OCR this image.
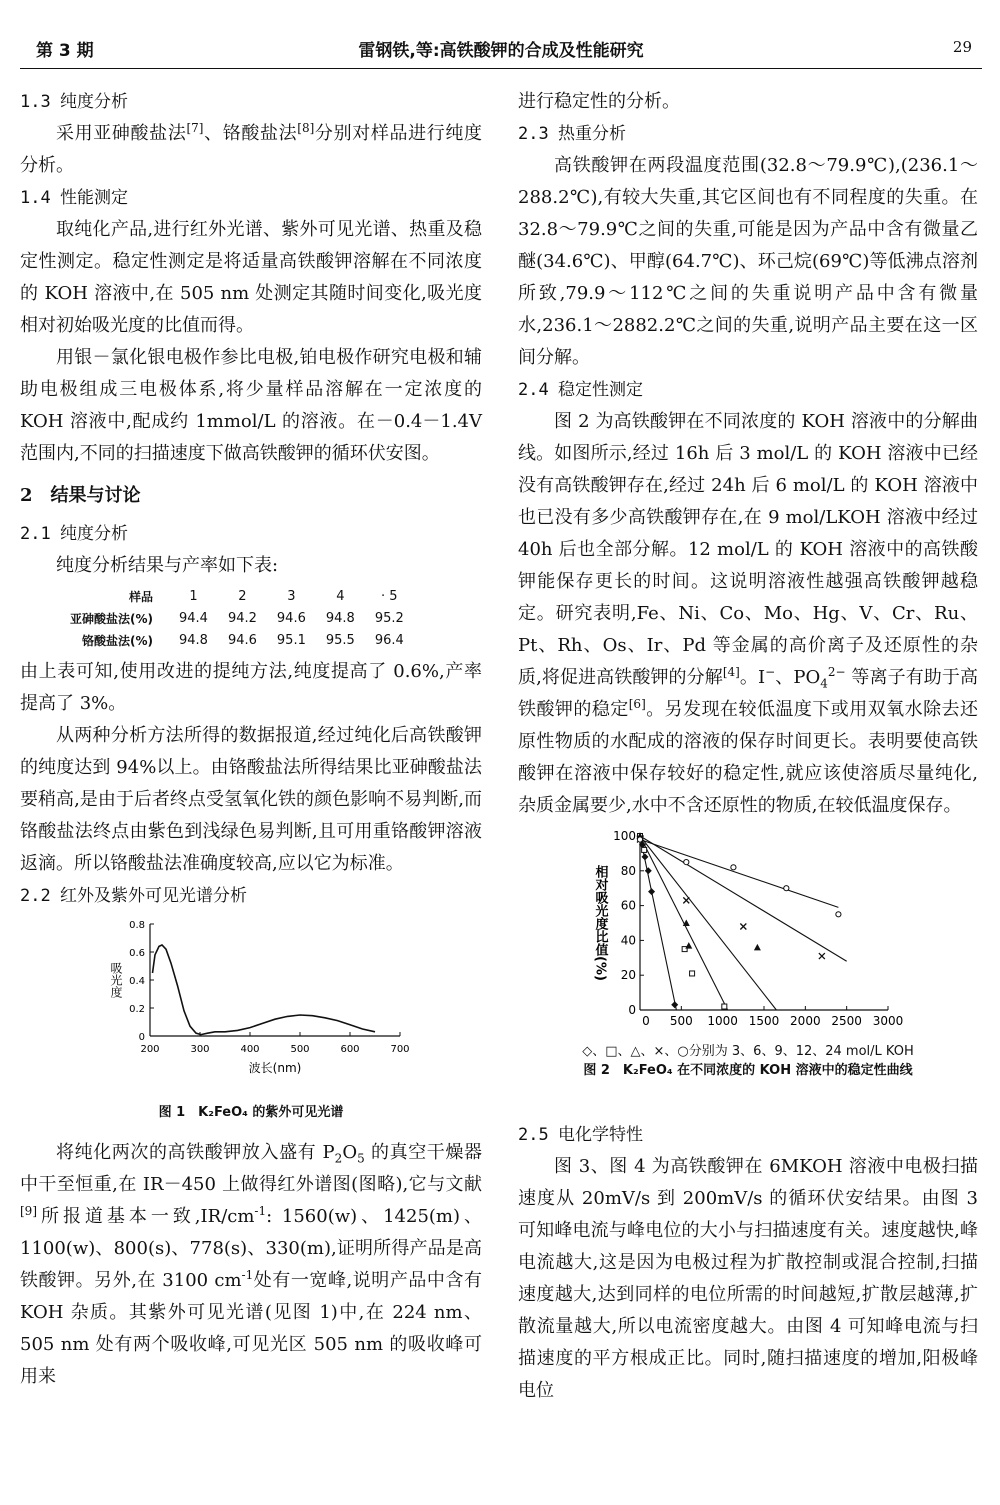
第 3 期	雷钢铁,等:高铁酸钾的合成及性能研究	29

1.3 纯度分析

采用亚砷酸盐法[7]、铬酸盐法[8]分别对样品进行纯度分析。

1.4 性能测定

取纯化产品,进行红外光谱、紫外可见光谱、热重及稳定性测定。稳定性测定是将适量高铁酸钾溶解在不同浓度的 KOH 溶液中,在 505 nm 处测定其随时间变化,吸光度相对初始吸光度的比值而得。

用银－氯化银电极作参比电极,铂电极作研究电极和辅助电极组成三电极体系,将少量样品溶解在一定浓度的 KOH 溶液中,配成约 1mmol/L 的溶液。在－0.4－1.4V 范围内,不同的扫描速度下做高铁酸钾的循环伏安图。

2　结果与讨论

2.1 纯度分析

纯度分析结果与产率如下表:

样品	1	2	3	4	· 5
亚砷酸盐法(%)	94.4	94.2	94.6	94.8	95.2
铬酸盐法(%)	94.8	94.6	95.1	95.5	96.4

由上表可知,使用改进的提纯方法,纯度提高了 0.6%,产率提高了 3%。

从两种分析方法所得的数据报道,经过纯化后高铁酸钾的纯度达到 94%以上。由铬酸盐法所得结果比亚砷酸盐法要稍高,是由于后者终点受氢氧化铁的颜色影响不易判断,而铬酸盐法终点由紫色到浅绿色易判断,且可用重铬酸钾溶液返滴。所以铬酸盐法准确度较高,应以它为标准。

2.2 红外及紫外可见光谱分析

0
0.2
0.4
0.6
0.8
200	300	400	500	600	700
波长(nm)
吸光度
图 1　K₂FeO₄ 的紫外可见光谱

将纯化两次的高铁酸钾放入盛有 $P_2O_5$ 的真空干燥器中干至恒重,在 IR－450 上做得红外谱图(图略),它与文献[9]所报道基本一致$,IR/cm^{-1}$: 1560(w)、1425(m)、1100(w)、800(s)、778(s)、330(m),证明所得产品是高铁酸钾。另外,在 3100 $cm^{-1}$处有一宽峰,说明产品中含有 KOH 杂质。其紫外可见光谱(见图 1)中,在 224 nm、505 nm 处有两个吸收峰,可见光区 505 nm 的吸收峰可用来

进行稳定性的分析。

2.3 热重分析

高铁酸钾在两段温度范围(32.8～79.9℃),(236.1～288.2℃),有较大失重,其它区间也有不同程度的失重。在 32.8～79.9℃之间的失重,可能是因为产品中含有微量乙醚(34.6℃)、甲醇(64.7℃)、环己烷(69℃)等低沸点溶剂所致,79.9～112℃之间的失重说明产品中含有微量水,236.1～2882.2℃之间的失重,说明产品主要在这一区间分解。

2.4 稳定性测定

图 2 为高铁酸钾在不同浓度的 KOH 溶液中的分解曲线。如图所示,经过 16h 后 3 mol/L 的 KOH 溶液中已经没有高铁酸钾存在,经过 24h 后 6 mol/L 的 KOH 溶液中也已没有多少高铁酸钾存在,在 9 mol/LKOH 溶液中经过 40h 后也全部分解。12 mol/L 的 KOH 溶液中的高铁酸钾能保存更长的时间。这说明溶液性越强高铁酸钾越稳定。研究表明,Fe、Ni、Co、Mo、Hg、V、Cr、Ru、Pt、Rh、Os、Ir、Pd 等金属的高价离子及还原性的杂质,将促进高铁酸钾的分解[4]。I−、$PO_4^{2-}$ 等离子有助于高铁酸钾的稳定[6]。另发现在较低温度下或用双氧水除去还原性物质的水配成的溶液的保存时间更长。表明要使高铁酸钾在溶液中保存较好的稳定性,就应该使溶质尽量纯化,杂质金属要少,水中不含还原性的物质,在较低温度保存。

0
20
40
60
80
100
0 500 1000 1500 2000 2500 3000
相对吸光度比值(%)
◇、□、△、×、○分别为 3、6、9、12、24 mol/L KOH
图 2　K₂FeO₄ 在不同浓度的 KOH 溶液中的稳定性曲线

2.5 电化学特性

图 3、图 4 为高铁酸钾在 6MKOH 溶液中电极扫描速度从 20mV/s 到 200mV/s 的循环伏安结果。由图 3 可知峰电流与峰电位的大小与扫描速度有关。速度越快,峰电流越大,这是因为电极过程为扩散控制或混合控制,扫描速度越大,达到同样的电位所需的时间越短,扩散层越薄,扩散流量越大,所以电流密度越大。由图 4 可知峰电流与扫描速度的平方根成正比。同时,随扫描速度的增加,阳极峰电位
